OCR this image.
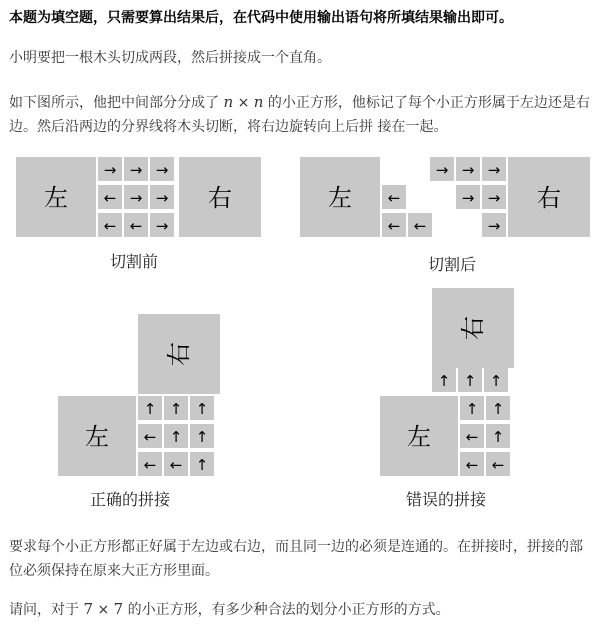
本题为填空题，只需要算出结果后，在代码中使用输出语句将所填结果输出即可。

小明要把一根木头切成两段，然后拼接成一个直角。

如下图所示，他把中间部分分成了 n × n 的小正方形，他标记了每个小正方形属于左边还是右边。然后沿两边的分界线将木头切断，将右边旋转向上后拼 接在一起。

左	右
→ → →
← → →
← ← →
切割前
左	右
←
← ←
→ → →
→ →
→
切割后
右
左
↑ ↑ ↑
← ↑ ↑
← ← ↑
正确的拼接
右
左
↑ ↑ ↑
↑ ↑
← ↑
← ←
错误的拼接

要求每个小正方形都正好属于左边或右边，而且同一边的必须是连通的。在拼接时，拼接的部位必须保持在原来大正方形里面。

请问，对于 7 × 7 的小正方形，有多少种合法的划分小正方形的方式。
